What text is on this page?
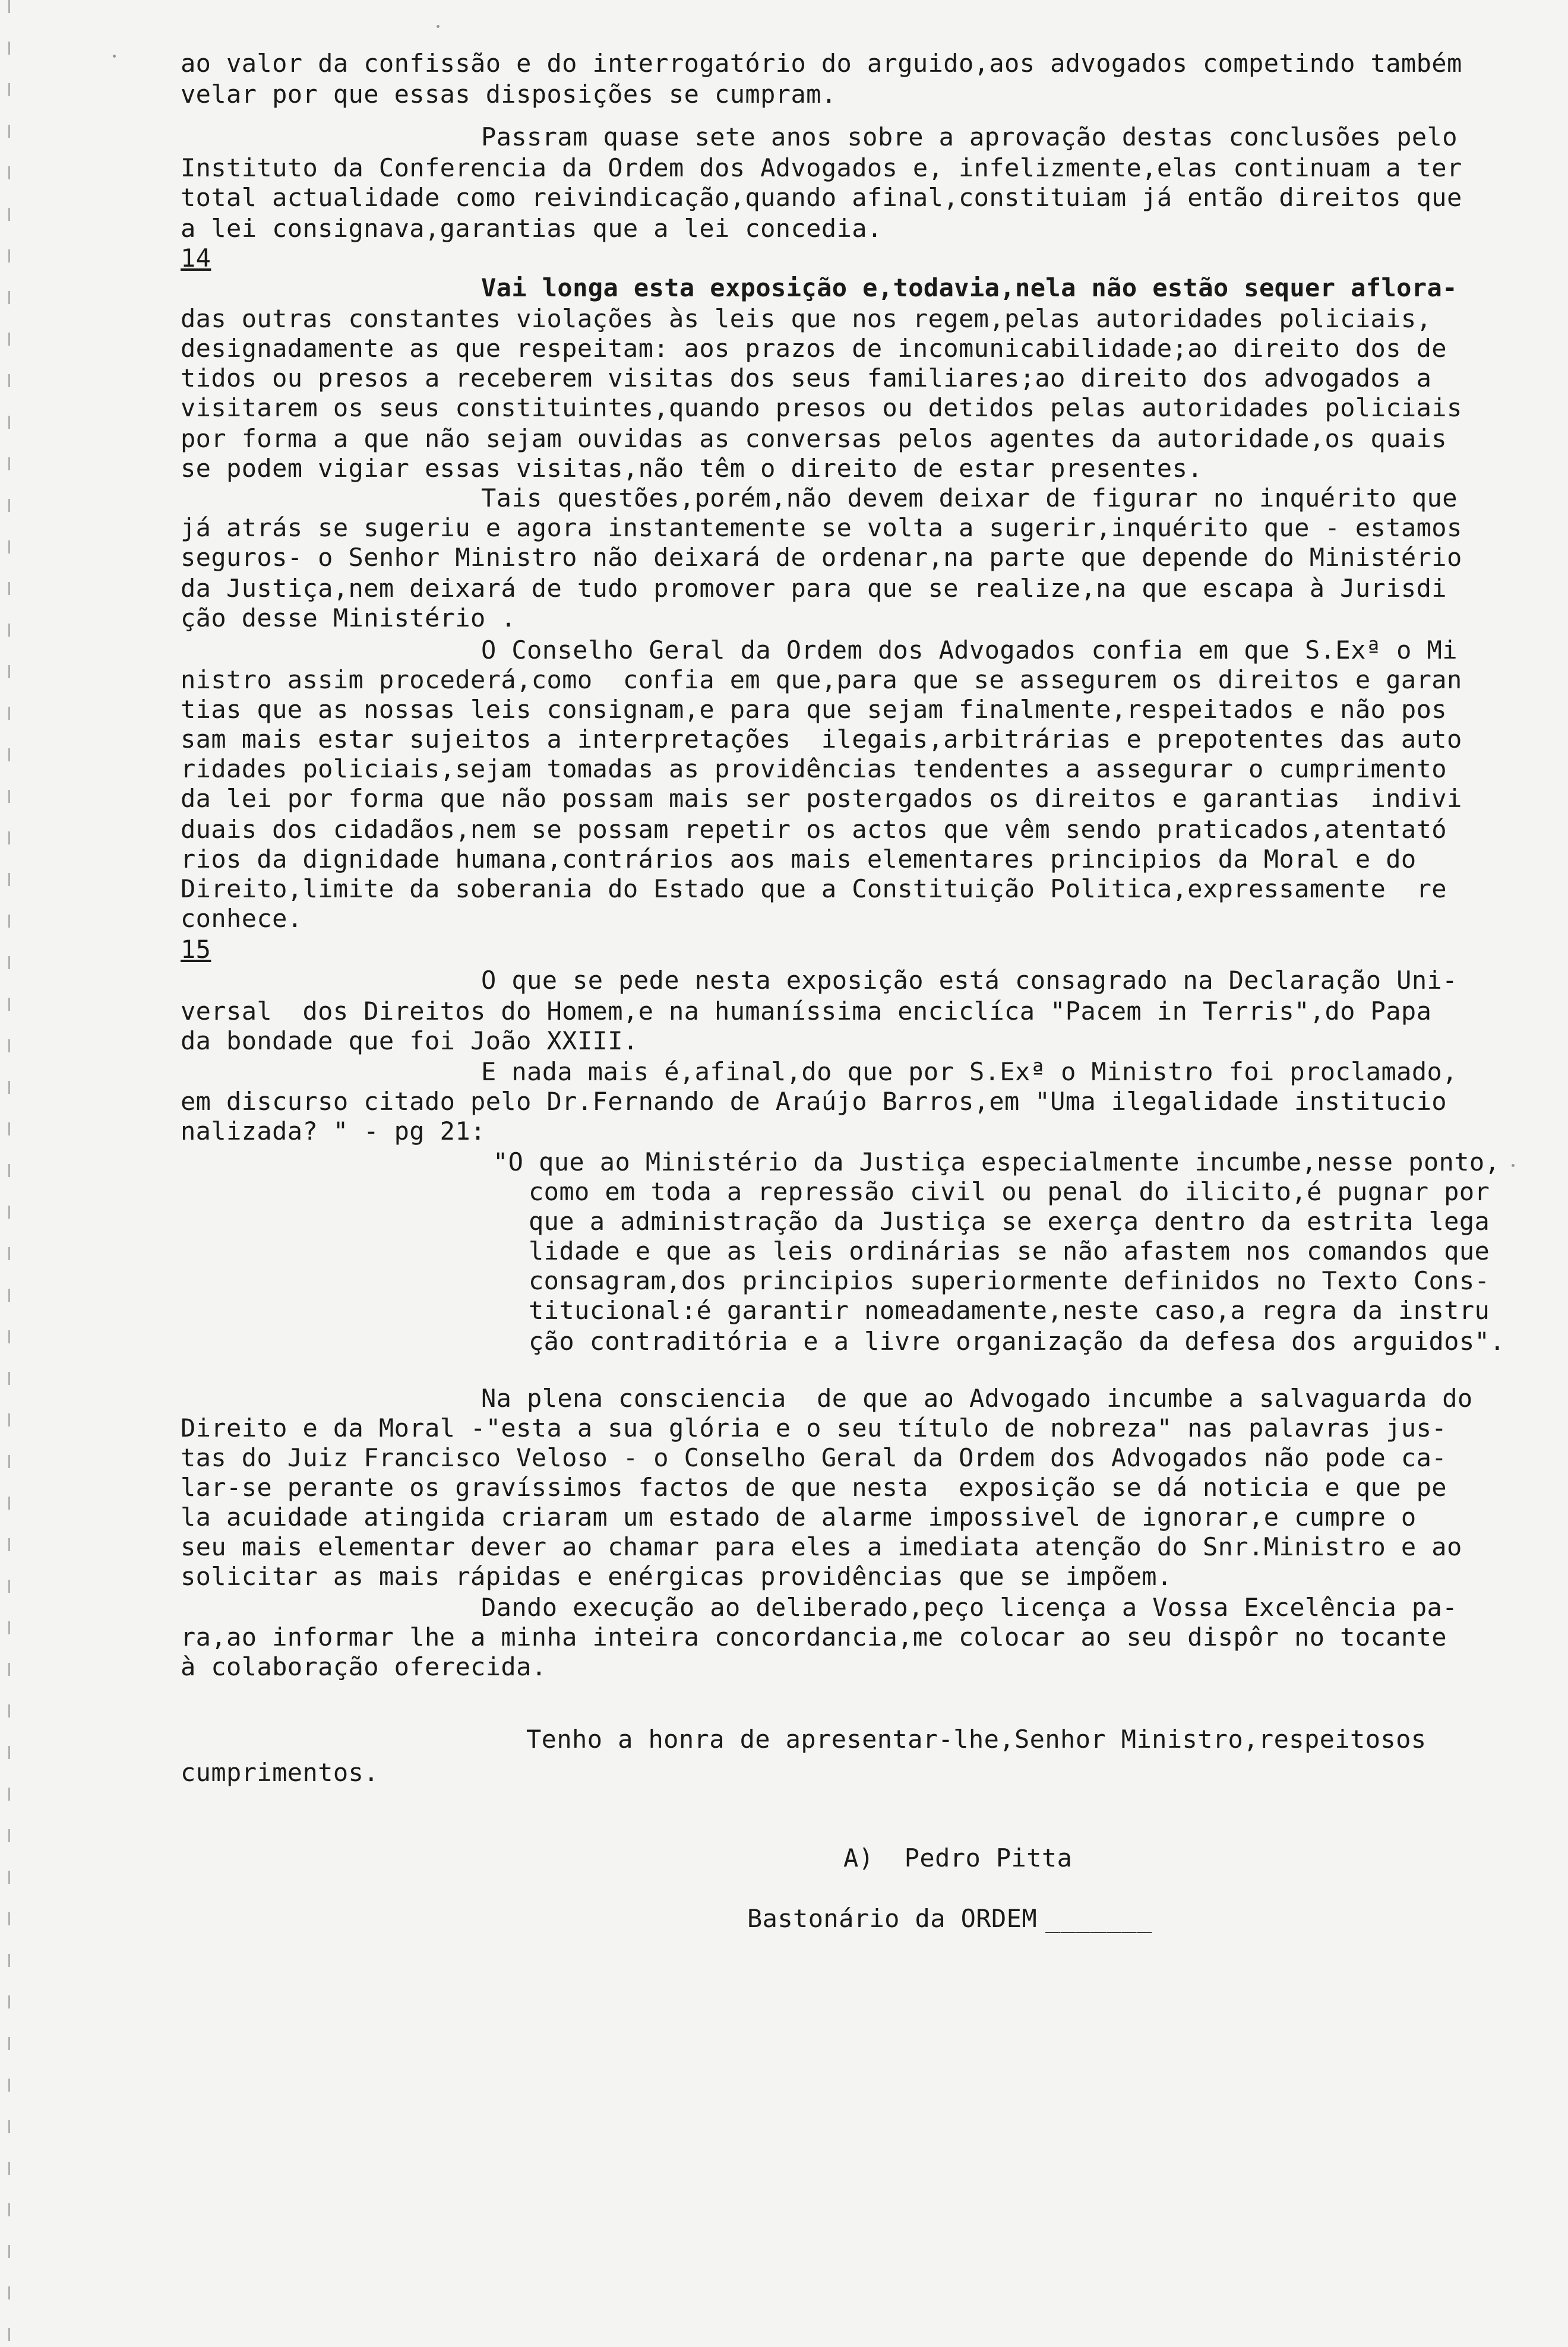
ao valor da confissão e do interrogatório do arguido,aos advogados competindo também
velar por que essas disposições se cumpram.
Passram quase sete anos sobre a aprovação destas conclusões pelo
Instituto da Conferencia da Ordem dos Advogados e, infelizmente,elas continuam a ter
total actualidade como reivindicação,quando afinal,constituiam já então direitos que
a lei consignava,garantias que a lei concedia.
14
Vai longa esta exposição e,todavia,nela não estão sequer aflora-
das outras constantes violações às leis que nos regem,pelas autoridades policiais,
designadamente as que respeitam: aos prazos de incomunicabilidade;ao direito dos de
tidos ou presos a receberem visitas dos seus familiares;ao direito dos advogados a
visitarem os seus constituintes,quando presos ou detidos pelas autoridades policiais
por forma a que não sejam ouvidas as conversas pelos agentes da autoridade,os quais
se podem vigiar essas visitas,não têm o direito de estar presentes.
Tais questões,porém,não devem deixar de figurar no inquérito que
já atrás se sugeriu e agora instantemente se volta a sugerir,inquérito que - estamos
seguros- o Senhor Ministro não deixará de ordenar,na parte que depende do Ministério
da Justiça,nem deixará de tudo promover para que se realize,na que escapa à Jurisdi
ção desse Ministério .
O Conselho Geral da Ordem dos Advogados confia em que S.Exª o Mi
nistro assim procederá,como  confia em que,para que se assegurem os direitos e garan
tias que as nossas leis consignam,e para que sejam finalmente,respeitados e não pos
sam mais estar sujeitos a interpretações  ilegais,arbitrárias e prepotentes das auto
ridades policiais,sejam tomadas as providências tendentes a assegurar o cumprimento
da lei por forma que não possam mais ser postergados os direitos e garantias  indivi
duais dos cidadãos,nem se possam repetir os actos que vêm sendo praticados,atentató
rios da dignidade humana,contrários aos mais elementares principios da Moral e do
Direito,limite da soberania do Estado que a Constituição Politica,expressamente  re
conhece.
15
O que se pede nesta exposição está consagrado na Declaração Uni-
versal  dos Direitos do Homem,e na humaníssima enciclíca "Pacem in Terris",do Papa
da bondade que foi João XXIII.
E nada mais é,afinal,do que por S.Exª o Ministro foi proclamado,
em discurso citado pelo Dr.Fernando de Araújo Barros,em "Uma ilegalidade institucio
nalizada? " - pg 21:
"O que ao Ministério da Justiça especialmente incumbe,nesse ponto,
como em toda a repressão civil ou penal do ilicito,é pugnar por
que a administração da Justiça se exerça dentro da estrita lega
lidade e que as leis ordinárias se não afastem nos comandos que
consagram,dos principios superiormente definidos no Texto Cons-
titucional:é garantir nomeadamente,neste caso,a regra da instru
ção contraditória e a livre organização da defesa dos arguidos".
Na plena consciencia  de que ao Advogado incumbe a salvaguarda do
Direito e da Moral -"esta a sua glória e o seu título de nobreza" nas palavras jus-
tas do Juiz Francisco Veloso - o Conselho Geral da Ordem dos Advogados não pode ca-
lar-se perante os gravíssimos factos de que nesta  exposição se dá noticia e que pe
la acuidade atingida criaram um estado de alarme impossivel de ignorar,e cumpre o
seu mais elementar dever ao chamar para eles a imediata atenção do Snr.Ministro e ao
solicitar as mais rápidas e enérgicas providências que se impõem.
Dando execução ao deliberado,peço licença a Vossa Excelência pa-
ra,ao informar lhe a minha inteira concordancia,me colocar ao seu dispôr no tocante
à colaboração oferecida.
Tenho a honra de apresentar-lhe,Senhor Ministro,respeitosos
cumprimentos.
A)  Pedro Pitta
Bastonário da ORDEM _______
